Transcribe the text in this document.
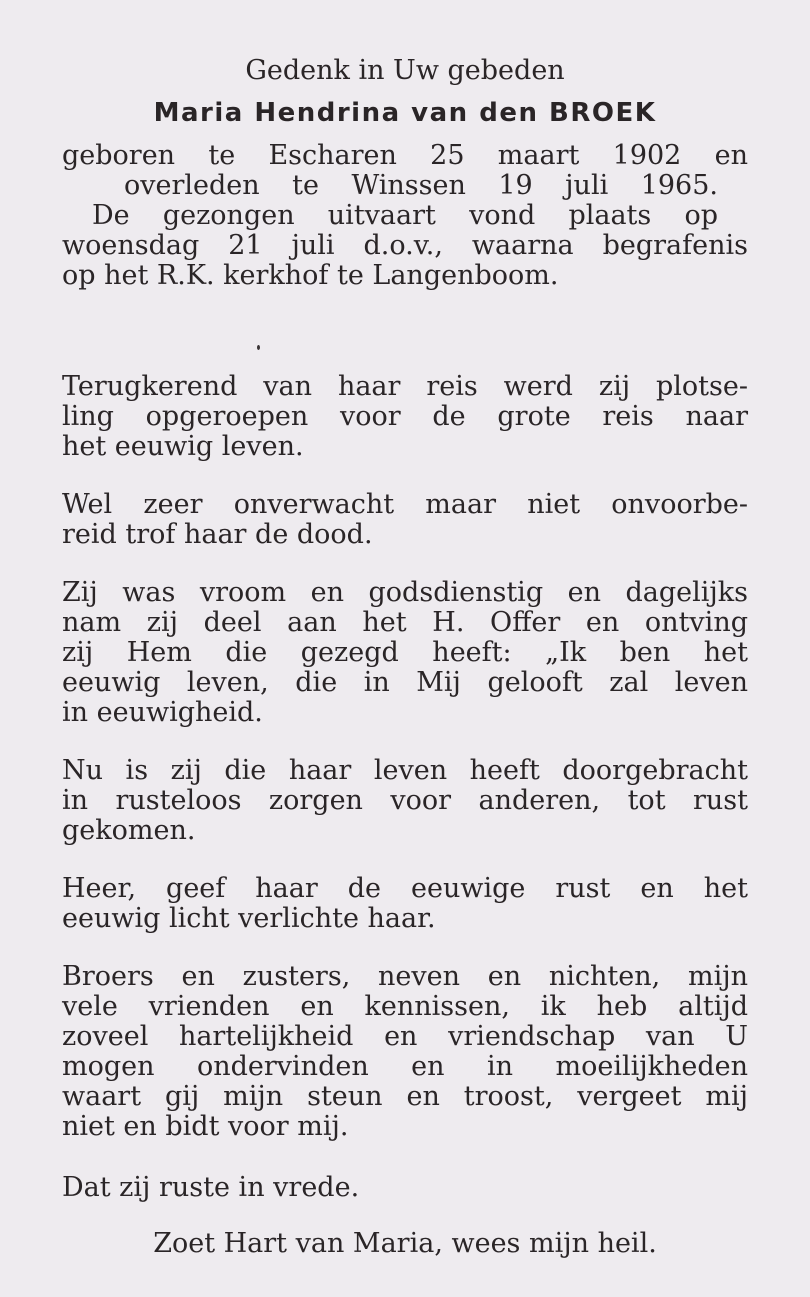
Gedenk in Uw gebeden
Maria Hendrina van den BROEK
geboren te Escharen 25 maart 1902 en
overleden te Winssen 19 juli 1965.
De gezongen uitvaart vond plaats op
woensdag 21 juli d.o.v., waarna begrafenis
op het R.K. kerkhof te Langenboom.
Terugkerend van haar reis werd zij plotse-
ling opgeroepen voor de grote reis naar
het eeuwig leven.
Wel zeer onverwacht maar niet onvoorbe-
reid trof haar de dood.
Zij was vroom en godsdienstig en dagelijks
nam zij deel aan het H. Offer en ontving
zij Hem die gezegd heeft: „Ik ben het
eeuwig leven, die in Mij gelooft zal leven
in eeuwigheid.
Nu is zij die haar leven heeft doorgebracht
in rusteloos zorgen voor anderen, tot rust
gekomen.
Heer, geef haar de eeuwige rust en het
eeuwig licht verlichte haar.
Broers en zusters, neven en nichten, mijn
vele vrienden en kennissen, ik heb altijd
zoveel hartelijkheid en vriendschap van U
mogen ondervinden en in moeilijkheden
waart gij mijn steun en troost, vergeet mij
niet en bidt voor mij.
Dat zij ruste in vrede.
Zoet Hart van Maria, wees mijn heil.
